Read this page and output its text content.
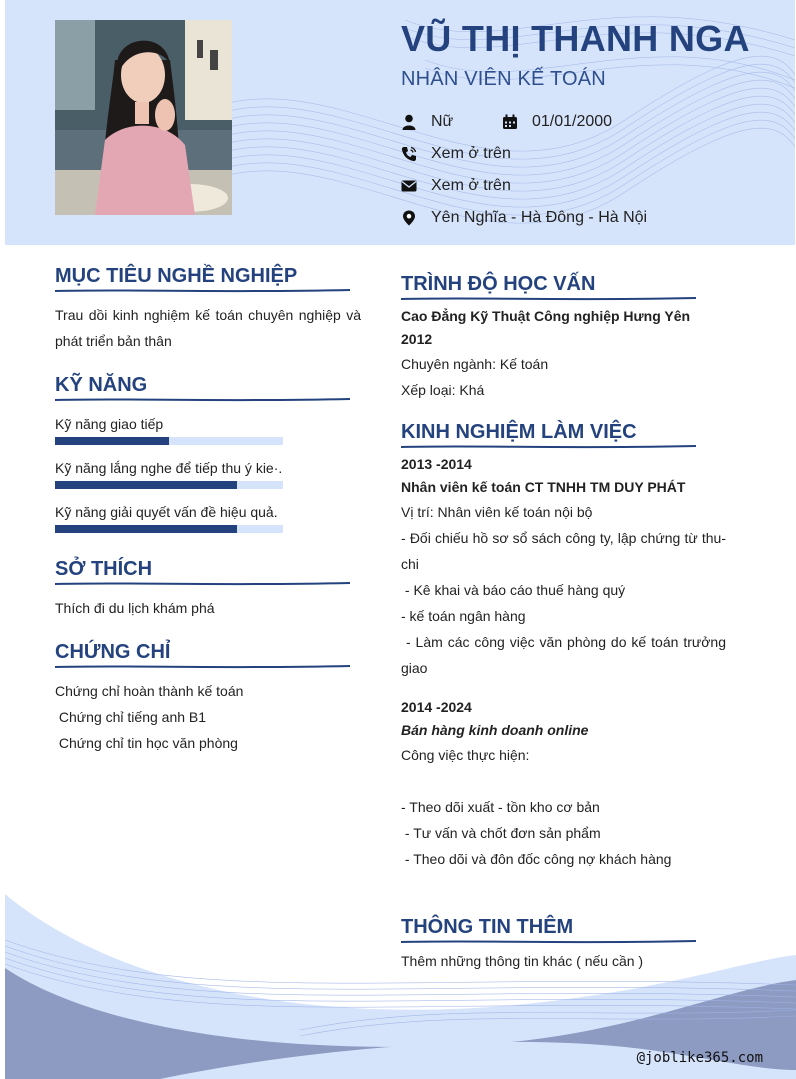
VŨ THỊ THANH NGA
NHÂN VIÊN KẾ TOÁN
Nữ	01/01/2000
Xem ở trên
Xem ở trên
Yên Nghĩa - Hà Đông - Hà Nội
MỤC TIÊU NGHỀ NGHIỆP
Trau dồi kinh nghiệm kế toán chuyên nghiệp và phát triển bản thân
KỸ NĂNG
Kỹ năng giao tiếp
Kỹ năng lắng nghe để tiếp thu ý kie·.
Kỹ năng giải quyết vấn đề hiệu quả.
SỞ THÍCH
Thích đi du lịch khám phá
CHỨNG CHỈ
Chứng chỉ hoàn thành kế toán
Chứng chỉ tiếng anh B1
Chứng chỉ tin học văn phòng
TRÌNH ĐỘ HỌC VẤN
Cao Đẳng Kỹ Thuật Công nghiệp Hưng Yên
2012
Chuyên ngành: Kế toán
Xếp loại: Khá
KINH NGHIỆM LÀM VIỆC
2013 -2014
Nhân viên kế toán CT TNHH TM DUY PHÁT
Vị trí: Nhân viên kế toán nội bộ
- Đối chiếu hồ sơ sổ sách công ty, lập chứng từ thu-chi
- Kê khai và báo cáo thuế hàng quý
- kế toán ngân hàng
- Làm các công việc văn phòng do kế toán trưởng giao
2014 -2024
Bán hàng kinh doanh online
Công việc thực hiện:
- Theo dõi xuất - tồn kho cơ bản
- Tư vấn và chốt đơn sản phẩm
- Theo dõi và đôn đốc công nợ khách hàng
THÔNG TIN THÊM
Thêm những thông tin khác ( nếu cần )
@joblike365.com
